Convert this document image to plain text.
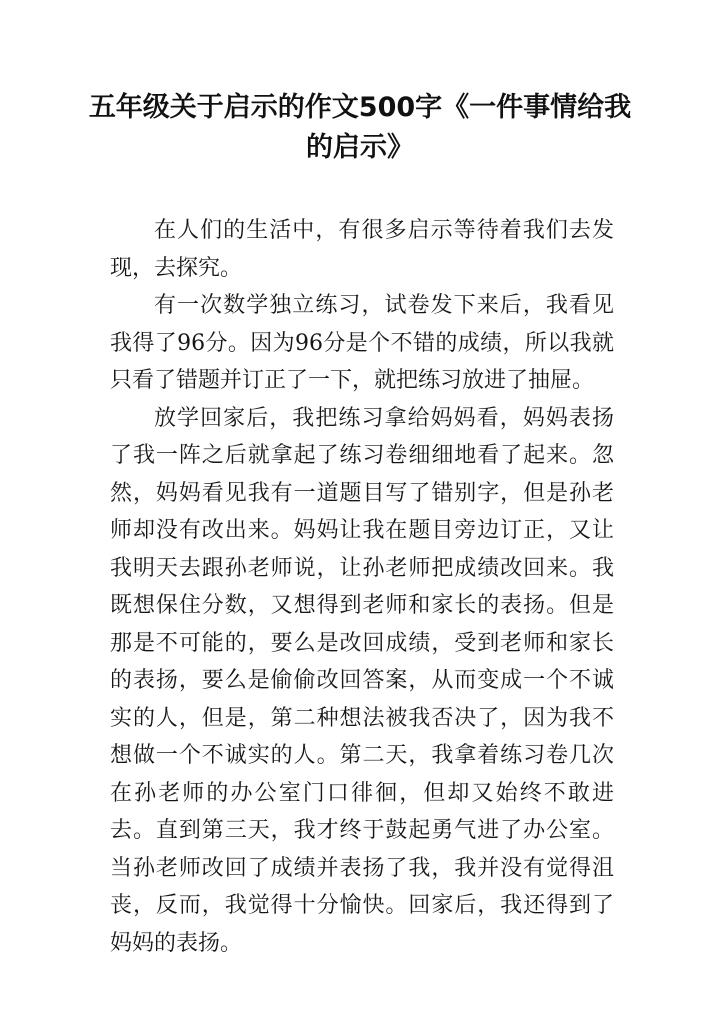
五年级关于启示的作文500字《一件事情给我的启示》

在人们的生活中，有很多启示等待着我们去发现，去探究。

有一次数学独立练习，试卷发下来后，我看见我得了96分。因为96分是个不错的成绩，所以我就只看了错题并订正了一下，就把练习放进了抽屉。

放学回家后，我把练习拿给妈妈看，妈妈表扬了我一阵之后就拿起了练习卷细细地看了起来。忽然，妈妈看见我有一道题目写了错别字，但是孙老师却没有改出来。妈妈让我在题目旁边订正，又让我明天去跟孙老师说，让孙老师把成绩改回来。我既想保住分数，又想得到老师和家长的表扬。但是那是不可能的，要么是改回成绩，受到老师和家长的表扬，要么是偷偷改回答案，从而变成一个不诚实的人，但是，第二种想法被我否决了，因为我不想做一个不诚实的人。第二天，我拿着练习卷几次在孙老师的办公室门口徘徊，但却又始终不敢进去。直到第三天，我才终于鼓起勇气进了办公室。当孙老师改回了成绩并表扬了我，我并没有觉得沮丧，反而，我觉得十分愉快。回家后，我还得到了妈妈的表扬。
